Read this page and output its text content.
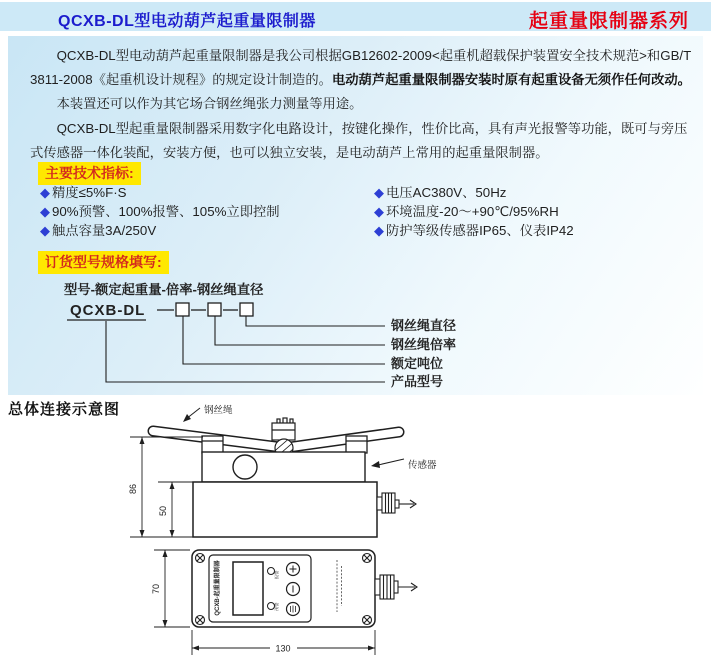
QCXB-DL型电动葫芦起重量限制器	起重量限制器系列

QCXB-DL型电动葫芦起重量限制器是我公司根据GB12602-2009<起重机超载保护装置安全技术规范>和GB/T 3811-2008《起重机设计规程》的规定设计制造的。电动葫芦起重量限制器安装时原有起重设备无须作任何改动。

本装置还可以作为其它场合钢丝绳张力测量等用途。

QCXB-DL型起重量限制器采用数字化电路设计，按键化操作，性价比高，具有声光报警等功能，既可与旁压式传感器一体化装配，安装方便，也可以独立安装，是电动葫芦上常用的起重量限制器。

主要技术指标:
◆ 精度≤5%F·S
◆ 90%预警、100%报警、105%立即控制
◆ 触点容量3A/250V
◆ 电压AC380V、50Hz
◆ 环境温度-20～+90℃/95%RH
◆ 防护等级传感器IP65、仪表IP42
订货型号规格填写:
型号-额定起重量-倍率-钢丝绳直径
QCXB-DL
钢丝绳直径
钢丝绳倍率
额定吨位
产品型号
总体连接示意图
86
50
钢丝绳
传感器
QCXB-起重量限制器	报警
预警
70
130
